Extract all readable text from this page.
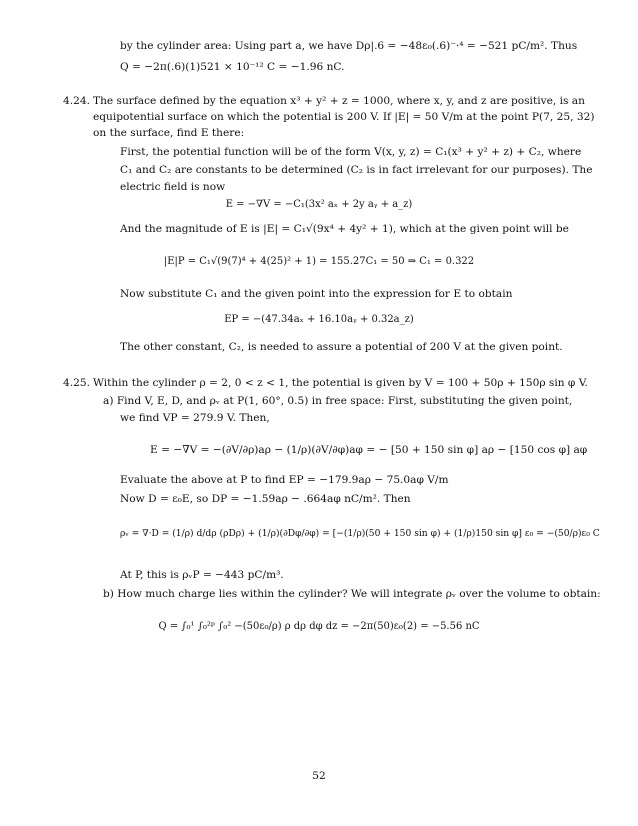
by the cylinder area: Using part a, we have Dρ|.6 = −48ε₀(.6)⁻·⁴ = −521 pC/m². Thus
Q = −2π(.6)(1)521 × 10⁻¹² C = −1.96 nC.
4.24. The surface defined by the equation x³ + y² + z = 1000, where x, y, and z are positive, is an
equipotential surface on which the potential is 200 V. If |E| = 50 V/m at the point P(7, 25, 32)
on the surface, find E there:
First, the potential function will be of the form V(x, y, z) = C₁(x³ + y² + z) + C₂, where
C₁ and C₂ are constants to be determined (C₂ is in fact irrelevant for our purposes). The
electric field is now
E = −∇V = −C₁(3x² aₓ + 2y aᵧ + a_z)
And the magnitude of E is |E| = C₁√(9x⁴ + 4y² + 1), which at the given point will be
|E|P = C₁√(9(7)⁴ + 4(25)² + 1) = 155.27C₁ = 50 ⇒ C₁ = 0.322
Now substitute C₁ and the given point into the expression for E to obtain
EP = −(47.34aₓ + 16.10aᵧ + 0.32a_z)
The other constant, C₂, is needed to assure a potential of 200 V at the given point.
4.25. Within the cylinder ρ = 2, 0 < z < 1, the potential is given by V = 100 + 50ρ + 150ρ sin φ V.
a) Find V, E, D, and ρᵥ at P(1, 60°, 0.5) in free space: First, substituting the given point,
we find VP = 279.9 V. Then,
E = −∇V = −(∂V/∂ρ)aρ − (1/ρ)(∂V/∂φ)aφ = − [50 + 150 sin φ] aρ − [150 cos φ] aφ
Evaluate the above at P to find EP = −179.9aρ − 75.0aφ V/m
Now D = ε₀E, so DP = −1.59aρ − .664aφ nC/m². Then
ρᵥ = ∇·D = (1/ρ) d/dρ (ρDρ) + (1/ρ)(∂Dφ/∂φ) = [−(1/ρ)(50 + 150 sin φ) + (1/ρ)150 sin φ] ε₀ = −(50/ρ)ε₀ C
At P, this is ρᵥP = −443 pC/m³.
b) How much charge lies within the cylinder? We will integrate ρᵥ over the volume to obtain:
Q = ∫₀¹ ∫₀²ᵖ ∫₀² −(50ε₀/ρ) ρ dρ dφ dz = −2π(50)ε₀(2) = −5.56 nC
52
